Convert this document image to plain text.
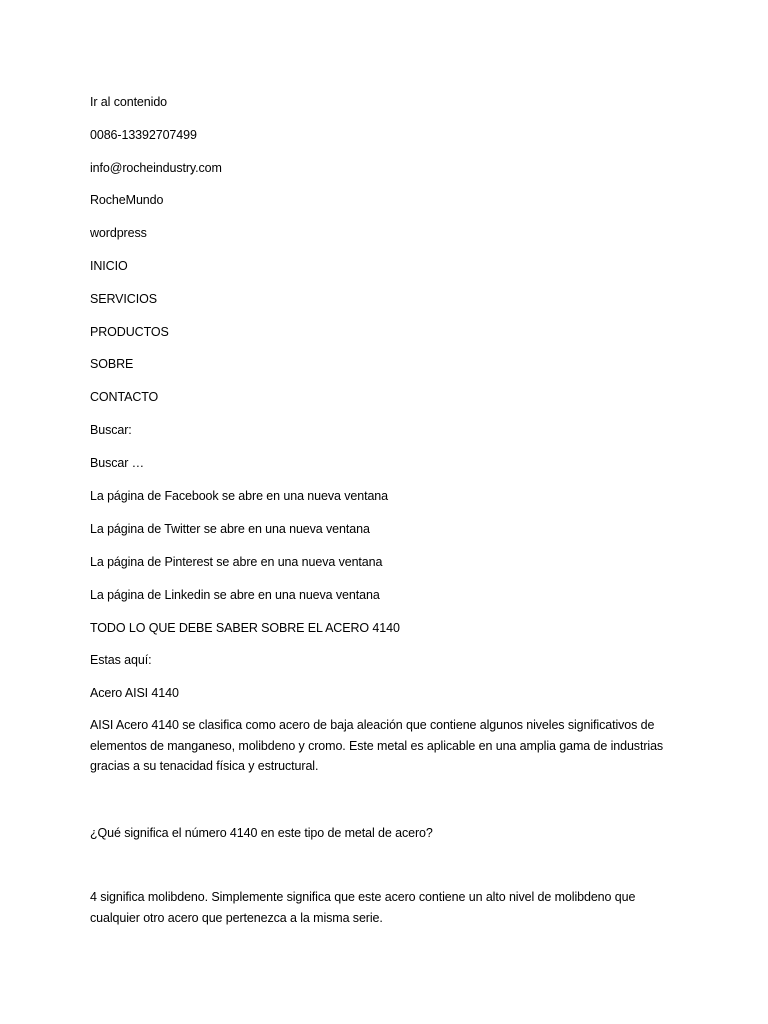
Ir al contenido
0086-13392707499
info@rocheindustry.com
RocheMundo
wordpress
INICIO
SERVICIOS
PRODUCTOS
SOBRE
CONTACTO
Buscar:
Buscar …
La página de Facebook se abre en una nueva ventana
La página de Twitter se abre en una nueva ventana
La página de Pinterest se abre en una nueva ventana
La página de Linkedin se abre en una nueva ventana
TODO LO QUE DEBE SABER SOBRE EL ACERO 4140
Estas aquí:
Acero AISI 4140

AISI Acero 4140 se clasifica como acero de baja aleación que contiene algunos niveles significativos de elementos de manganeso, molibdeno y cromo. Este metal es aplicable en una amplia gama de industrias gracias a su tenacidad física y estructural.

¿Qué significa el número 4140 en este tipo de metal de acero?

4 significa molibdeno. Simplemente significa que este acero contiene un alto nivel de molibdeno que cualquier otro acero que pertenezca a la misma serie.
